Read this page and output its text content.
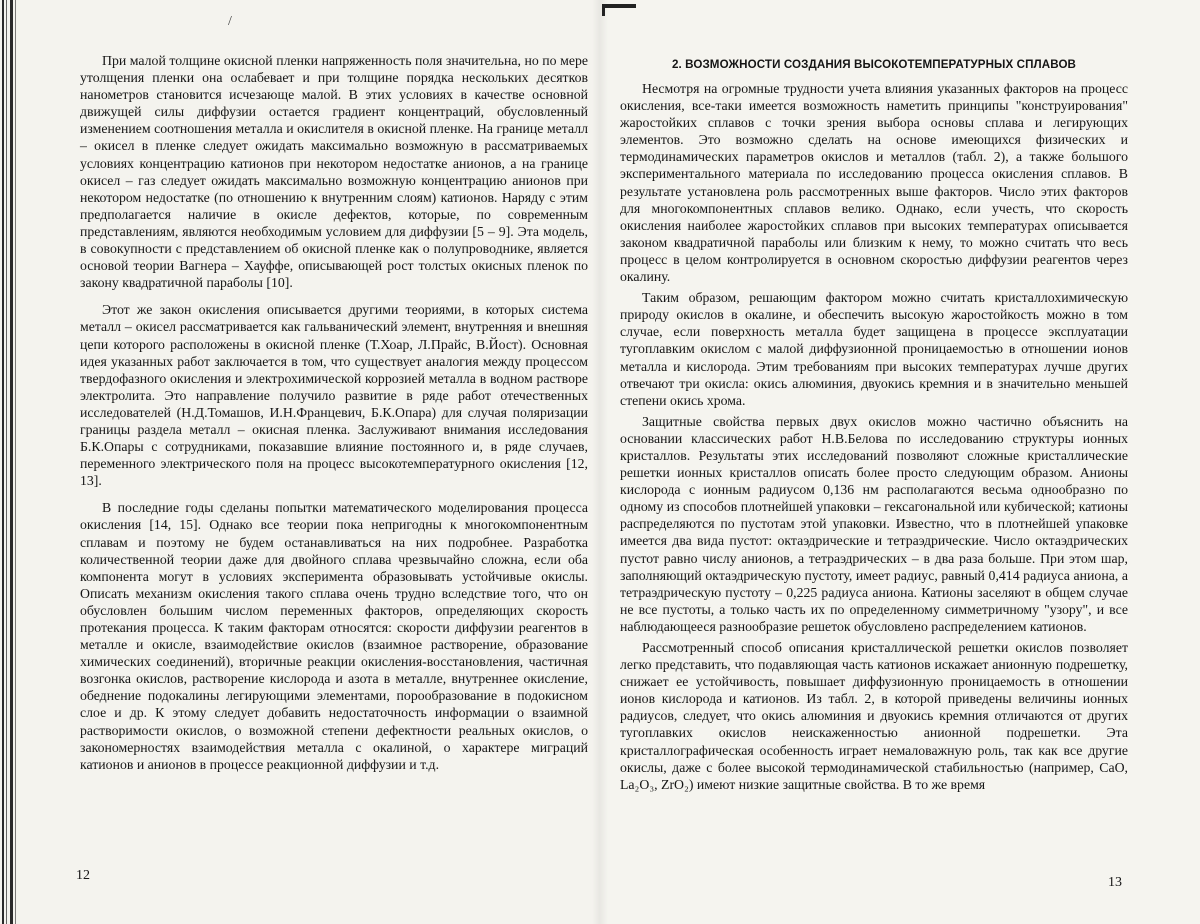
/

При малой толщине окисной пленки напряженность поля значительна, но по мере утолщения пленки она ослабевает и при толщине порядка нескольких десятков нанометров становится исчезающе малой. В этих условиях в качестве основной движущей силы диффузии остается градиент концентраций, обусловленный изменением соотношения металла и окислителя в окисной пленке. На границе металл – окисел в пленке следует ожидать максимально возможную в рассматриваемых условиях концентрацию катионов при некотором недостатке анионов, а на границе окисел – газ следует ожидать максимально возможную концентрацию анионов при некотором недостатке (по отношению к внутренним слоям) катионов. Наряду с этим предполагается наличие в окисле дефектов, которые, по современным представлениям, являются необходимым условием для диффузии [5 – 9]. Эта модель, в совокупности с представлением об окисной пленке как о полупроводнике, является основой теории Вагнера – Хауффе, описывающей рост толстых окисных пленок по закону квадратичной параболы [10].

Этот же закон окисления описывается другими теориями, в которых система металл – окисел рассматривается как гальванический элемент, внутренняя и внешняя цепи которого расположены в окисной пленке (Т.Хоар, Л.Прайс, В.Йост). Основная идея указанных работ заключается в том, что существует аналогия между процессом твердофазного окисления и электрохимической коррозией металла в водном растворе электролита. Это направление получило развитие в ряде работ отечественных исследователей (Н.Д.Томашов, И.Н.Францевич, Б.К.Опара) для случая поляризации границы раздела металл – окисная пленка. Заслуживают внимания исследования Б.К.Опары с сотрудниками, показавшие влияние постоянного и, в ряде случаев, переменного электрического поля на процесс высокотемпературного окисления [12, 13].

В последние годы сделаны попытки математического моделирования процесса окисления [14, 15]. Однако все теории пока непригодны к многокомпонентным сплавам и поэтому не будем останавливаться на них подробнее. Разработка количественной теории даже для двойного сплава чрезвычайно сложна, если оба компонента могут в условиях эксперимента образовывать устойчивые окислы. Описать механизм окисления такого сплава очень трудно вследствие того, что он обусловлен большим числом переменных факторов, определяющих скорость протекания процесса. К таким факторам относятся: скорости диффузии реагентов в металле и окисле, взаимодействие окислов (взаимное растворение, образование химических соединений), вторичные реакции окисления-восстановления, частичная возгонка окислов, растворение кислорода и азота в металле, внутреннее окисление, обеднение подокалины легирующими элементами, порообразование в подокисном слое и др. К этому следует добавить недостаточность информации о взаимной растворимости окислов, о возможной степени дефектности реальных окислов, о закономерностях взаимодействия металла с окалиной, о характере миграций катионов и анионов в процессе реакционной диффузии и т.д.

12
2. ВОЗМОЖНОСТИ СОЗДАНИЯ ВЫСОКОТЕМПЕРАТУРНЫХ СПЛАВОВ

Несмотря на огромные трудности учета влияния указанных факторов на процесс окисления, все-таки имеется возможность наметить принципы "конструирования" жаростойких сплавов с точки зрения выбора основы сплава и легирующих элементов. Это возможно сделать на основе имеющихся физических и термодинамических параметров окислов и металлов (табл. 2), а также большого экспериментального материала по исследованию процесса окисления сплавов. В результате установлена роль рассмотренных выше факторов. Число этих факторов для многокомпонентных сплавов велико. Однако, если учесть, что скорость окисления наиболее жаростойких сплавов при высоких температурах описывается законом квадратичной параболы или близким к нему, то можно считать что весь процесс в целом контролируется в основном скоростью диффузии реагентов через окалину.

Таким образом, решающим фактором можно считать кристаллохимическую природу окислов в окалине, и обеспечить высокую жаростойкость можно в том случае, если поверхность металла будет защищена в процессе эксплуатации тугоплавким окислом с малой диффузионной проницаемостью в отношении ионов металла и кислорода. Этим требованиям при высоких температурах лучше других отвечают три окисла: окись алюминия, двуокись кремния и в значительно меньшей степени окись хрома.

Защитные свойства первых двух окислов можно частично объяснить на основании классических работ Н.В.Белова по исследованию структуры ионных кристаллов. Результаты этих исследований позволяют сложные кристаллические решетки ионных кристаллов описать более просто следующим образом. Анионы кислорода с ионным радиусом 0,136 нм располагаются весьма однообразно по одному из способов плотнейшей упаковки – гексагональной или кубической; катионы распределяются по пустотам этой упаковки. Известно, что в плотнейшей упаковке имеется два вида пустот: октаэдрические и тетраэдрические. Число октаэдрических пустот равно числу анионов, а тетраэдрических – в два раза больше. При этом шар, заполняющий октаэдрическую пустоту, имеет радиус, равный 0,414 радиуса аниона, а тетраэдрическую пустоту – 0,225 радиуса аниона. Катионы заселяют в общем случае не все пустоты, а только часть их по определенному симметричному "узору", и все наблюдающееся разнообразие решеток обусловлено распределением катионов.

Рассмотренный способ описания кристаллической решетки окислов позволяет легко представить, что подавляющая часть катионов искажает анионную подрешетку, снижает ее устойчивость, повышает диффузионную проницаемость в отношении ионов кислорода и катионов. Из табл. 2, в которой приведены величины ионных радиусов, следует, что окись алюминия и двуокись кремния отличаются от других тугоплавких окислов неискаженностью анионной подрешетки. Эта кристаллографическая особенность играет немаловажную роль, так как все другие окислы, даже с более высокой термодинамической стабильностью (например, CaO, La₂O₃, ZrO₂) имеют низкие защитные свойства. В то же время

13
